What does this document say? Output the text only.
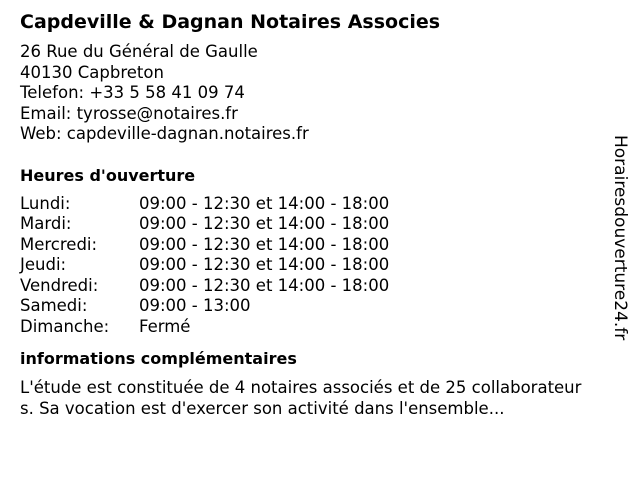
Capdeville & Dagnan Notaires Associes
26 Rue du Général de Gaulle
40130 Capbreton
Telefon: +33 5 58 41 09 74
Email: tyrosse@notaires.fr
Web: capdeville-dagnan.notaires.fr
Heures d'ouverture
Lundi:	09:00 - 12:30 et 14:00 - 18:00
Mardi:	09:00 - 12:30 et 14:00 - 18:00
Mercredi:	09:00 - 12:30 et 14:00 - 18:00
Jeudi:	09:00 - 12:30 et 14:00 - 18:00
Vendredi:	09:00 - 12:30 et 14:00 - 18:00
Samedi:	09:00 - 13:00
Dimanche:	Fermé
informations complémentaires
L'étude est constituée de 4 notaires associés et de 25 collaborateurs. Sa vocation est d'exercer son activité dans l'ensemble...
Horairesdouverture24.fr
